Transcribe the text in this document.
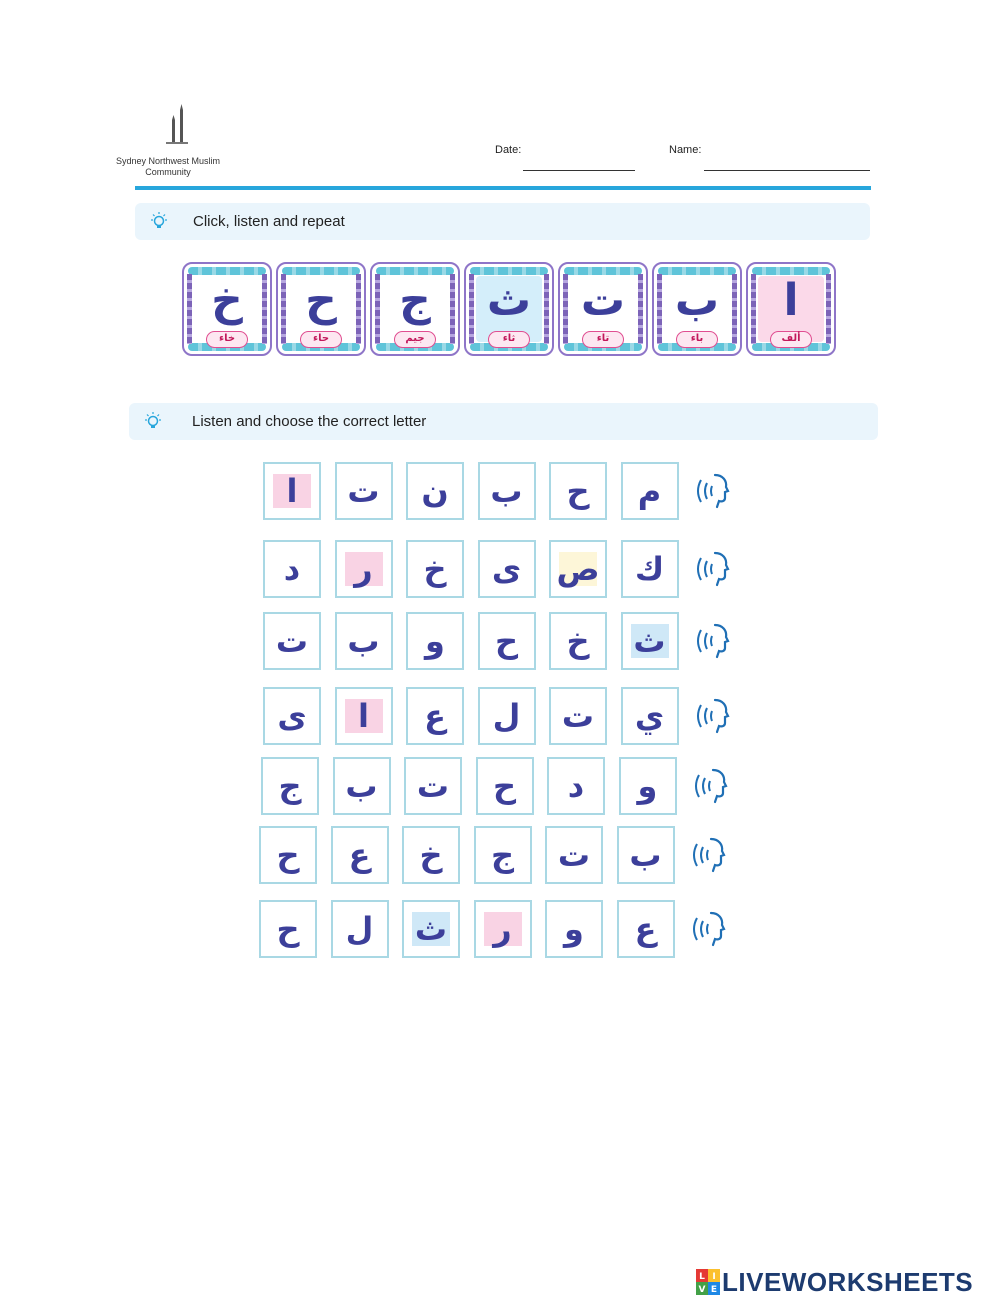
Sydney Northwest Muslim
Community
Date:	Name:
Click, listen and repeat
ا
ألف
ب
باء
ت
تاء
ث
ثاء
ج
جيم
ح
حاء
خ
خاء
Listen and choose the correct letter
م
ح
ب
ن
ت
ا
ك
ص
ى
خ
ر
د
ث
خ
ح
و
ب
ت
ي
ت
ل
ع
ا
ى
و
د
ح
ت
ب
ج
ب
ت
ج
خ
ع
ح
ع
و
ر
ث
ل
ح
L I
V E LIVEWORKSHEETS
